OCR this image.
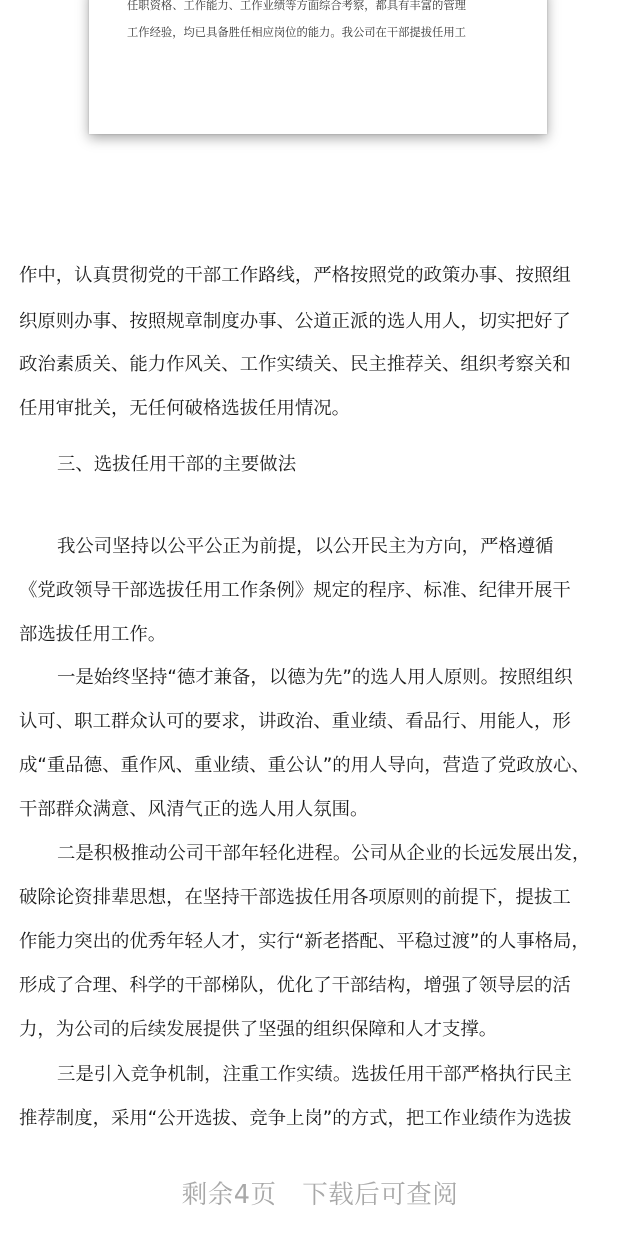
任职资格、工作能力、工作业绩等方面综合考察，都具有丰富的管理
工作经验，均已具备胜任相应岗位的能力。我公司在干部提拔任用工
作中，认真贯彻党的干部工作路线，严格按照党的政策办事、按照组
织原则办事、按照规章制度办事、公道正派的选人用人，切实把好了
政治素质关、能力作风关、工作实绩关、民主推荐关、组织考察关和
任用审批关，无任何破格选拔任用情况。
三、选拔任用干部的主要做法
我公司坚持以公平公正为前提，以公开民主为方向，严格遵循
《党政领导干部选拔任用工作条例》规定的程序、标准、纪律开展干
部选拔任用工作。
一是始终坚持“德才兼备，以德为先”的选人用人原则。按照组织
认可、职工群众认可的要求，讲政治、重业绩、看品行、用能人，形
成“重品德、重作风、重业绩、重公认”的用人导向，营造了党政放心、
干部群众满意、风清气正的选人用人氛围。
二是积极推动公司干部年轻化进程。公司从企业的长远发展出发，
破除论资排辈思想，在坚持干部选拔任用各项原则的前提下，提拔工
作能力突出的优秀年轻人才，实行“新老搭配、平稳过渡”的人事格局，
形成了合理、科学的干部梯队，优化了干部结构，增强了领导层的活
力，为公司的后续发展提供了坚强的组织保障和人才支撑。
三是引入竞争机制，注重工作实绩。选拔任用干部严格执行民主
推荐制度，采用“公开选拔、竞争上岗”的方式，把工作业绩作为选拔
剩余4页   下载后可查阅
